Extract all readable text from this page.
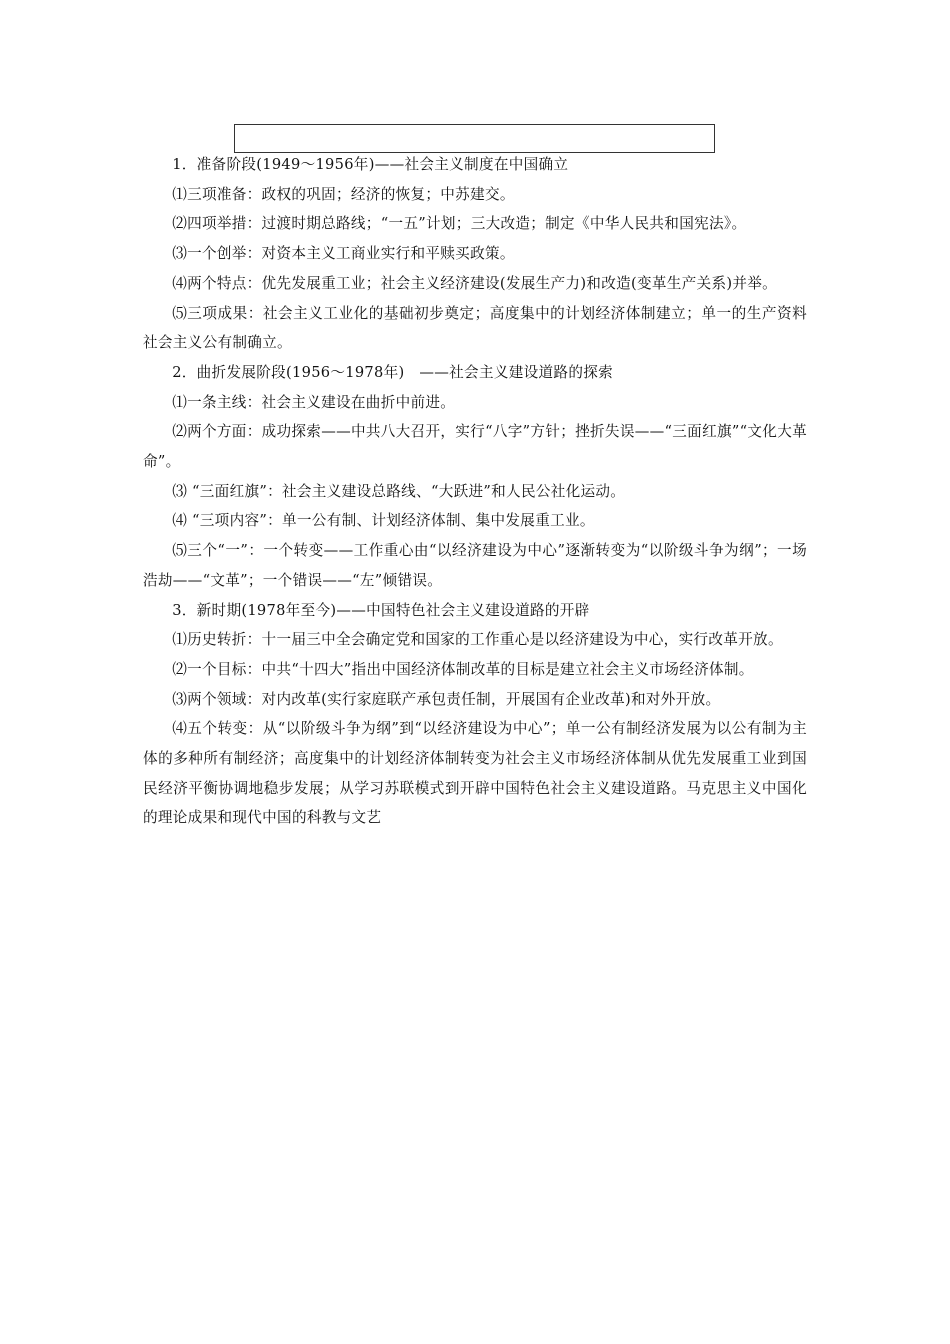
1．准备阶段(1949～1956年)——社会主义制度在中国确立

⑴三项准备：政权的巩固；经济的恢复；中苏建交。

⑵四项举措：过渡时期总路线；“一五”计划；三大改造；制定《中华人民共和国宪法》。

⑶一个创举：对资本主义工商业实行和平赎买政策。

⑷两个特点：优先发展重工业；社会主义经济建设(发展生产力)和改造(变革生产关系)并举。

⑸三项成果：社会主义工业化的基础初步奠定；高度集中的计划经济体制建立；单一的生产资料社会主义公有制确立。

2．曲折发展阶段(1956～1978年)　——社会主义建设道路的探索

⑴一条主线：社会主义建设在曲折中前进。

⑵两个方面：成功探索——中共八大召开，实行“八字”方针；挫折失误——“三面红旗”“文化大革命”。

⑶ “三面红旗”：社会主义建设总路线、“大跃进”和人民公社化运动。

⑷ “三项内容”：单一公有制、计划经济体制、集中发展重工业。

⑸三个“一”：一个转变——工作重心由“以经济建设为中心”逐渐转变为“以阶级斗争为纲”；一场浩劫——“文革”；一个错误——“左”倾错误。

3．新时期(1978年至今)——中国特色社会主义建设道路的开辟

⑴历史转折：十一届三中全会确定党和国家的工作重心是以经济建设为中心，实行改革开放。

⑵一个目标：中共“十四大”指出中国经济体制改革的目标是建立社会主义市场经济体制。

⑶两个领域：对内改革(实行家庭联产承包责任制，开展国有企业改革)和对外开放。

⑷五个转变：从“以阶级斗争为纲”到“以经济建设为中心”；单一公有制经济发展为以公有制为主体的多种所有制经济；高度集中的计划经济体制转变为社会主义市场经济体制从优先发展重工业到国民经济平衡协调地稳步发展；从学习苏联模式到开辟中国特色社会主义建设道路。马克思主义中国化的理论成果和现代中国的科教与文艺
